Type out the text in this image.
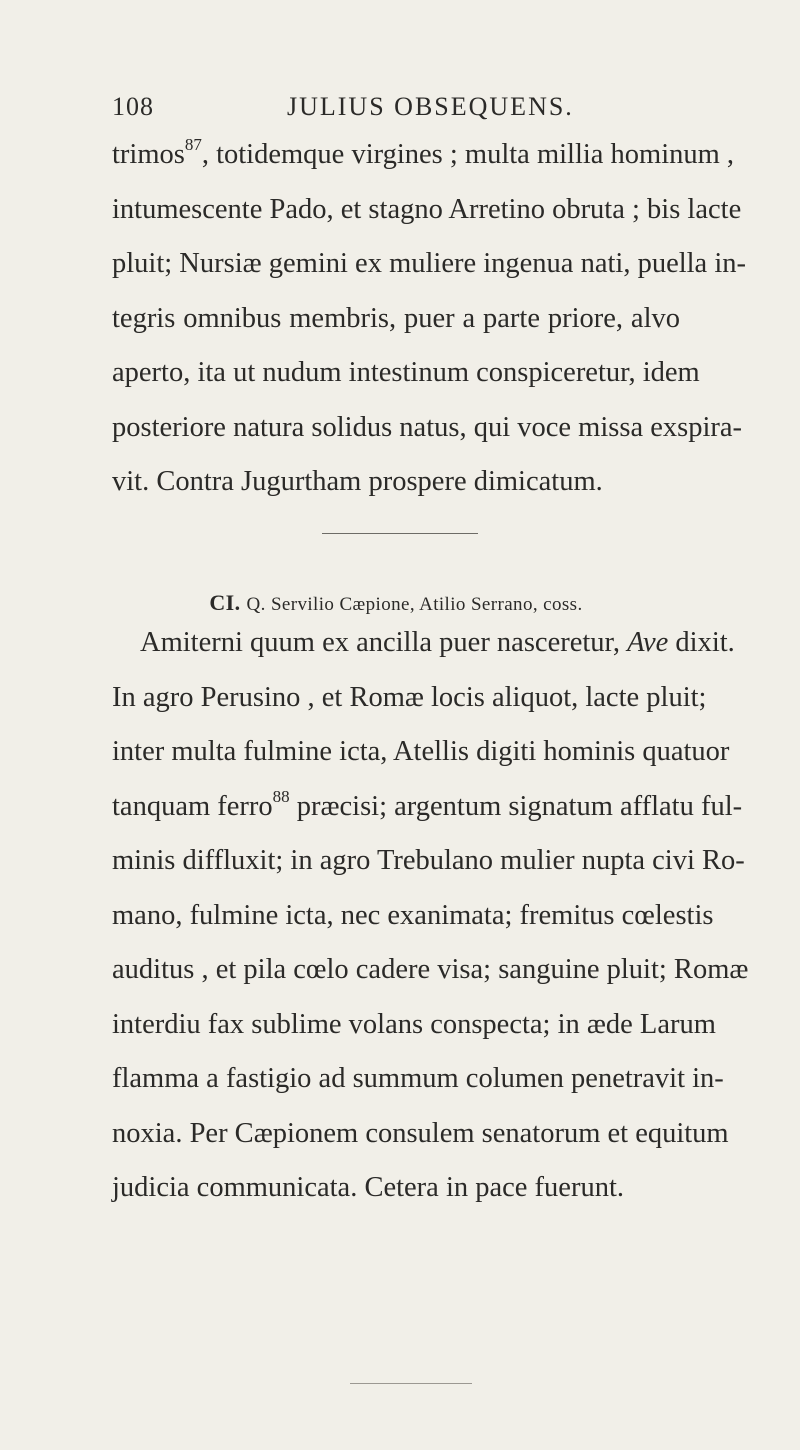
108	JULIUS OBSEQUENS.
trimos$^{87}$, totidemque virgines ; multa millia hominum ,
intumescente Pado, et stagno Arretino obruta ; bis lacte
pluit; Nursiæ gemini ex muliere ingenua nati, puella in-
tegris omnibus membris, puer a parte priore, alvo
aperto, ita ut nudum intestinum conspiceretur, idem
posteriore natura solidus natus, qui voce missa exspira-
vit. Contra Jugurtham prospere dimicatum.
CI. Q. Servilio Cæpione, Atilio Serrano, coss.
Amiterni quum ex ancilla puer nasceretur, Ave dixit.
In agro Perusino , et Romæ locis aliquot, lacte pluit;
inter multa fulmine icta, Atellis digiti hominis quatuor
tanquam ferro$^{88}$ præcisi; argentum signatum afflatu ful-
minis diffluxit; in agro Trebulano mulier nupta civi Ro-
mano, fulmine icta, nec exanimata; fremitus cœlestis
auditus , et pila cœlo cadere visa; sanguine pluit; Romæ
interdiu fax sublime volans conspecta; in æde Larum
flamma a fastigio ad summum columen penetravit in-
noxia. Per Cæpionem consulem senatorum et equitum
judicia communicata. Cetera in pace fuerunt.
